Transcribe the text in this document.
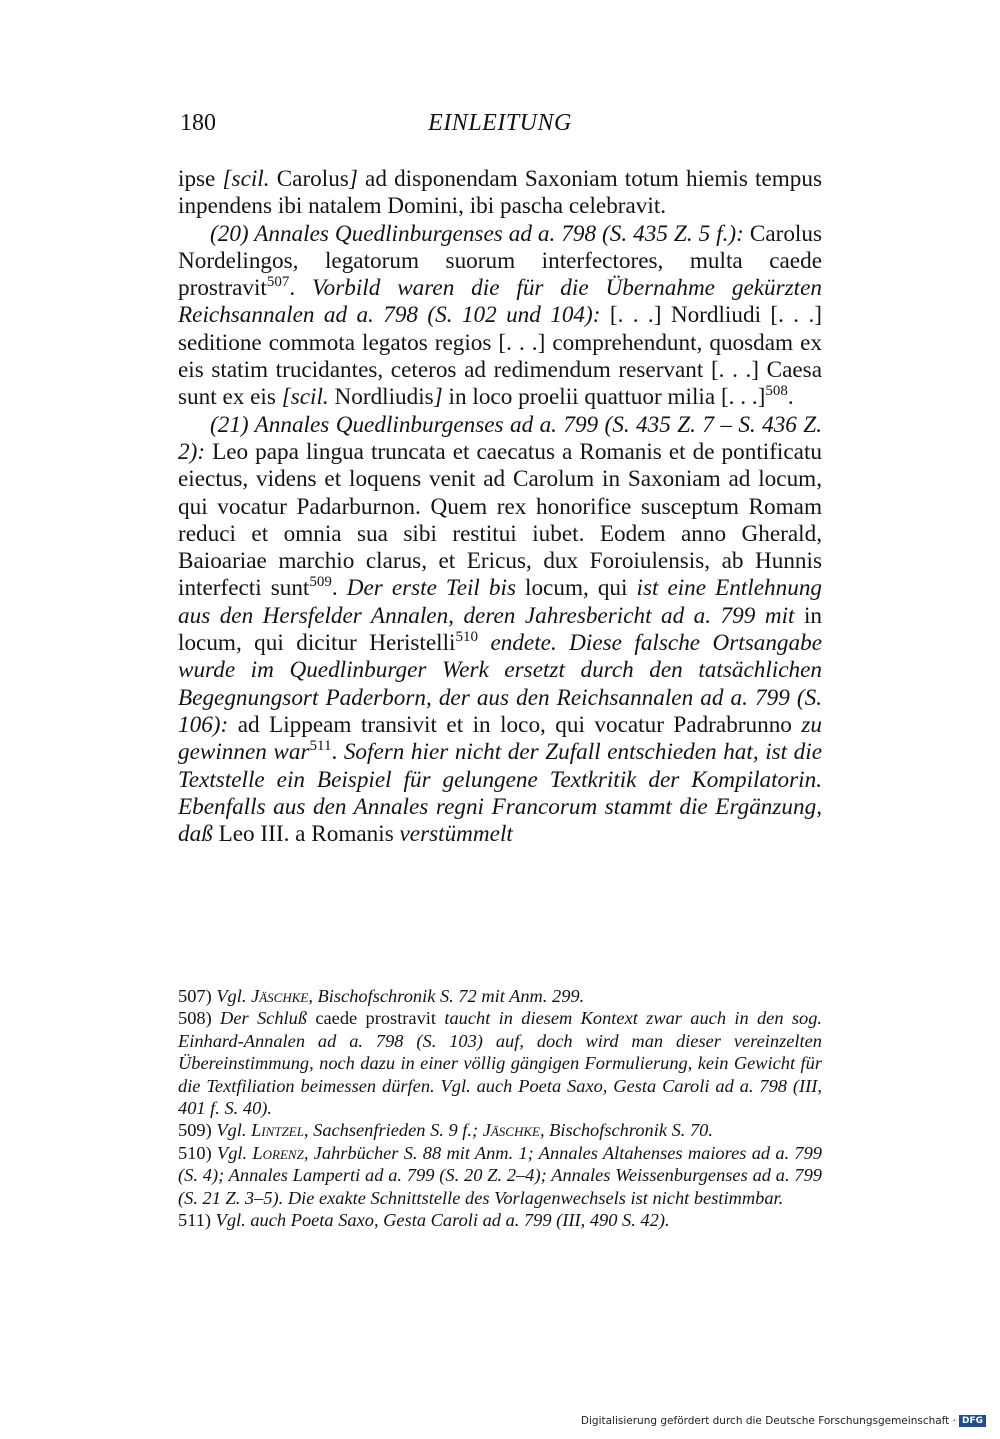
180	EINLEITUNG

ipse [scil. Carolus] ad disponendam Saxoniam totum hiemis tempus inpendens ibi natalem Domini, ibi pascha celebravit.

(20) Annales Quedlinburgenses ad a. 798 (S. 435 Z. 5 f.): Carolus Nordelingos, legatorum suorum interfectores, multa caede prostravit$^{507}$. Vorbild waren die für die Übernahme gekürzten Reichsannalen ad a. 798 (S. 102 und 104): [. . .] Nordliudi [. . .] seditione commota legatos regios [. . .] comprehendunt, quosdam ex eis statim trucidantes, ceteros ad redimendum reservant [. . .] Caesa sunt ex eis [scil. Nordliudis] in loco proelii quattuor milia [. . .]$^{508}$.

(21) Annales Quedlinburgenses ad a. 799 (S. 435 Z. 7 – S. 436 Z. 2): Leo papa lingua truncata et caecatus a Romanis et de pontificatu eiectus, videns et loquens venit ad Carolum in Saxoniam ad locum, qui vocatur Padarburnon. Quem rex honorifice susceptum Romam reduci et omnia sua sibi restitui iubet. Eodem anno Gherald, Baioariae marchio clarus, et Ericus, dux Foroiulensis, ab Hunnis interfecti sunt$^{509}$. Der erste Teil bis locum, qui ist eine Entlehnung aus den Hersfelder Annalen, deren Jahresbericht ad a. 799 mit in locum, qui dicitur Heristelli$^{510}$ endete. Diese falsche Ortsangabe wurde im Quedlinburger Werk ersetzt durch den tatsächlichen Begegnungsort Paderborn, der aus den Reichsannalen ad a. 799 (S. 106): ad Lippeam transivit et in loco, qui vocatur Padrabrunno zu gewinnen war$^{511}$. Sofern hier nicht der Zufall entschieden hat, ist die Textstelle ein Beispiel für gelungene Textkritik der Kompilatorin. Ebenfalls aus den Annales regni Francorum stammt die Ergänzung, daß Leo III. a Romanis verstümmelt

507) Vgl. Jäschke, Bischofschronik S. 72 mit Anm. 299.

508) Der Schluß caede prostravit taucht in diesem Kontext zwar auch in den sog. Einhard-Annalen ad a. 798 (S. 103) auf, doch wird man dieser vereinzelten Übereinstimmung, noch dazu in einer völlig gängigen Formulierung, kein Gewicht für die Textfiliation beimessen dürfen. Vgl. auch Poeta Saxo, Gesta Caroli ad a. 798 (III, 401 f. S. 40).

509) Vgl. Lintzel, Sachsenfrieden S. 9 f.; Jäschke, Bischofschronik S. 70.

510) Vgl. Lorenz, Jahrbücher S. 88 mit Anm. 1; Annales Altahenses maiores ad a. 799 (S. 4); Annales Lamperti ad a. 799 (S. 20 Z. 2–4); Annales Weissenburgenses ad a. 799 (S. 21 Z. 3–5). Die exakte Schnittstelle des Vorlagenwechsels ist nicht bestimmbar.

511) Vgl. auch Poeta Saxo, Gesta Caroli ad a. 799 (III, 490 S. 42).

Digitalisierung gefördert durch die Deutsche Forschungsgemeinschaft · DFG
